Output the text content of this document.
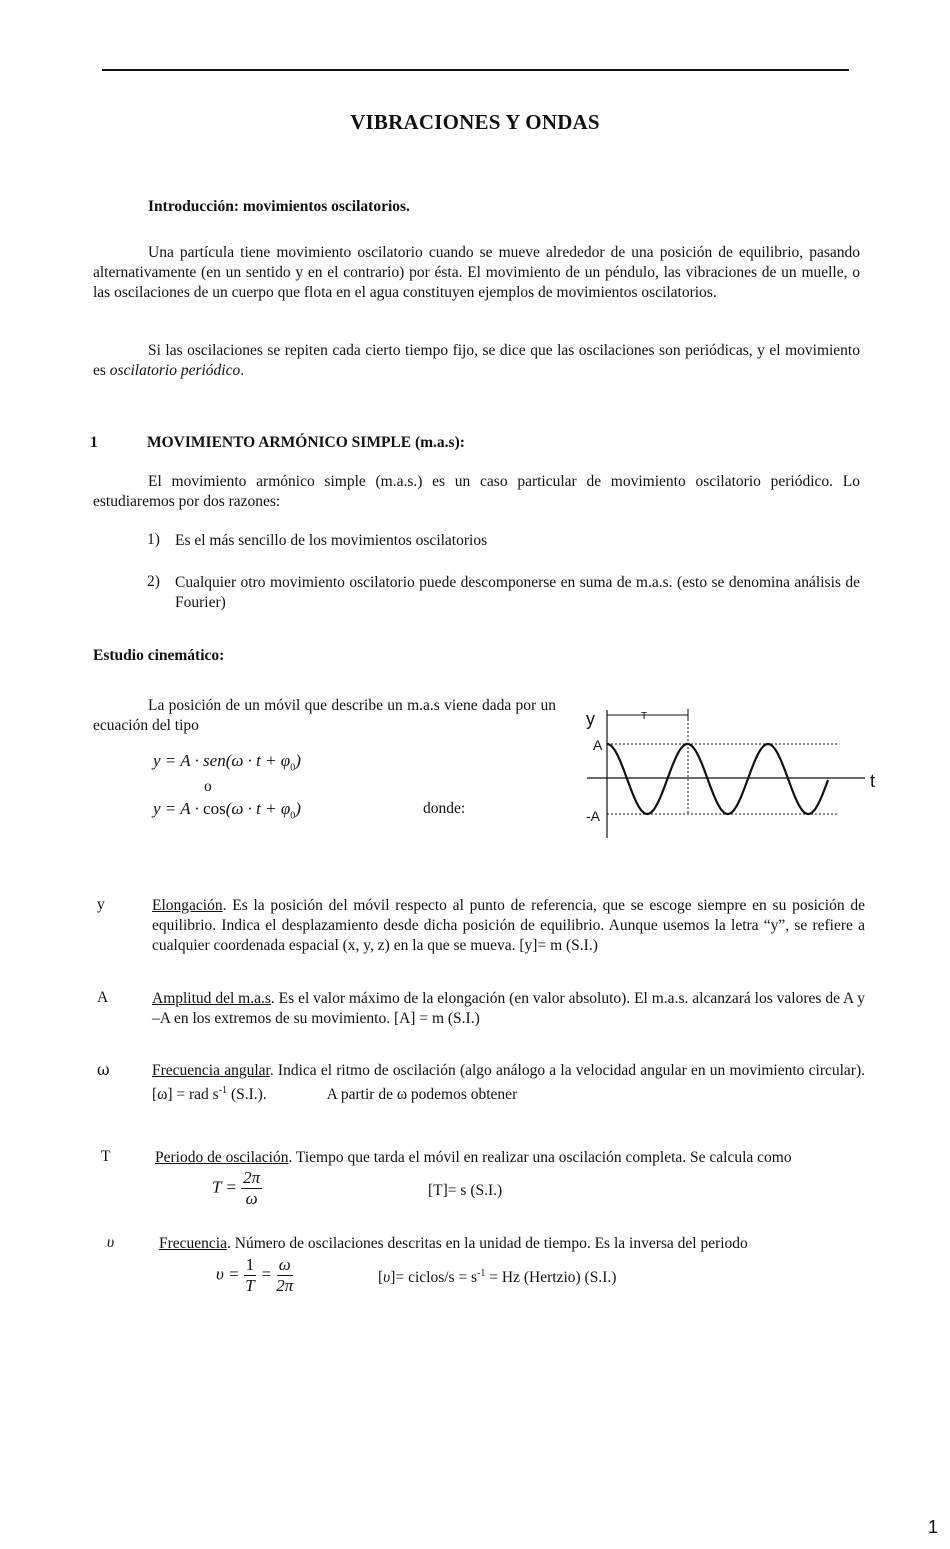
VIBRACIONES Y ONDAS
Introducción: movimientos oscilatorios.
Una partícula tiene movimiento oscilatorio cuando se mueve alrededor de una posición de equilibrio, pasando alternativamente (en un sentido y en el contrario) por ésta. El movimiento de un péndulo, las vibraciones de un muelle, o las oscilaciones de un cuerpo que flota en el agua constituyen ejemplos de movimientos oscilatorios.
Si las oscilaciones se repiten cada cierto tiempo fijo, se dice que las oscilaciones son periódicas, y el movimiento es oscilatorio periódico.
1	MOVIMIENTO ARMÓNICO SIMPLE (m.a.s):
El movimiento armónico simple (m.a.s.) es un caso particular de movimiento oscilatorio periódico. Lo estudiaremos por dos razones:
1) Es el más sencillo de los movimientos oscilatorios
2) Cualquier otro movimiento oscilatorio puede descomponerse en suma de m.a.s. (esto se denomina análisis de Fourier)
Estudio cinemático:
La posición de un móvil que describe un m.a.s viene dada por un ecuación del tipo
$y = A \cdot sen(\omega \cdot t + \varphi_0)$
o
$y = A \cdot \cos(\omega \cdot t + \varphi_0)$	donde:
T
y
t
A
-A
y	Elongación. Es la posición del móvil respecto al punto de referencia, que se escoge siempre en su posición de equilibrio. Indica el desplazamiento desde dicha posición de equilibrio. Aunque usemos la letra “y”, se refiere a cualquier coordenada espacial (x, y, z) en la que se mueva. [y]= m (S.I.)
A	Amplitud del m.a.s. Es el valor máximo de la elongación (en valor absoluto). El m.a.s. alcanzará los valores de A y –A en los extremos de su movimiento. [A] = m (S.I.)
ω	Frecuencia angular. Indica el ritmo de oscilación (algo análogo a la velocidad angular en un movimiento circular). [ω] = rad $s^{-1}$ (S.I.).	A partir de ω podemos obtener
T	Periodo de oscilación. Tiempo que tarda el móvil en realizar una oscilación completa. Se calcula como
$T = \frac{2\pi}{\omega}$	[T]= s (S.I.)
υ	Frecuencia. Número de oscilaciones descritas en la unidad de tiempo. Es la inversa del periodo
$\upsilon = \frac{1}{T} = \frac{\omega}{2\pi}$	[υ]= ciclos/s = $s^{-1} = Hz$ (Hertzio) (S.I.)
1
